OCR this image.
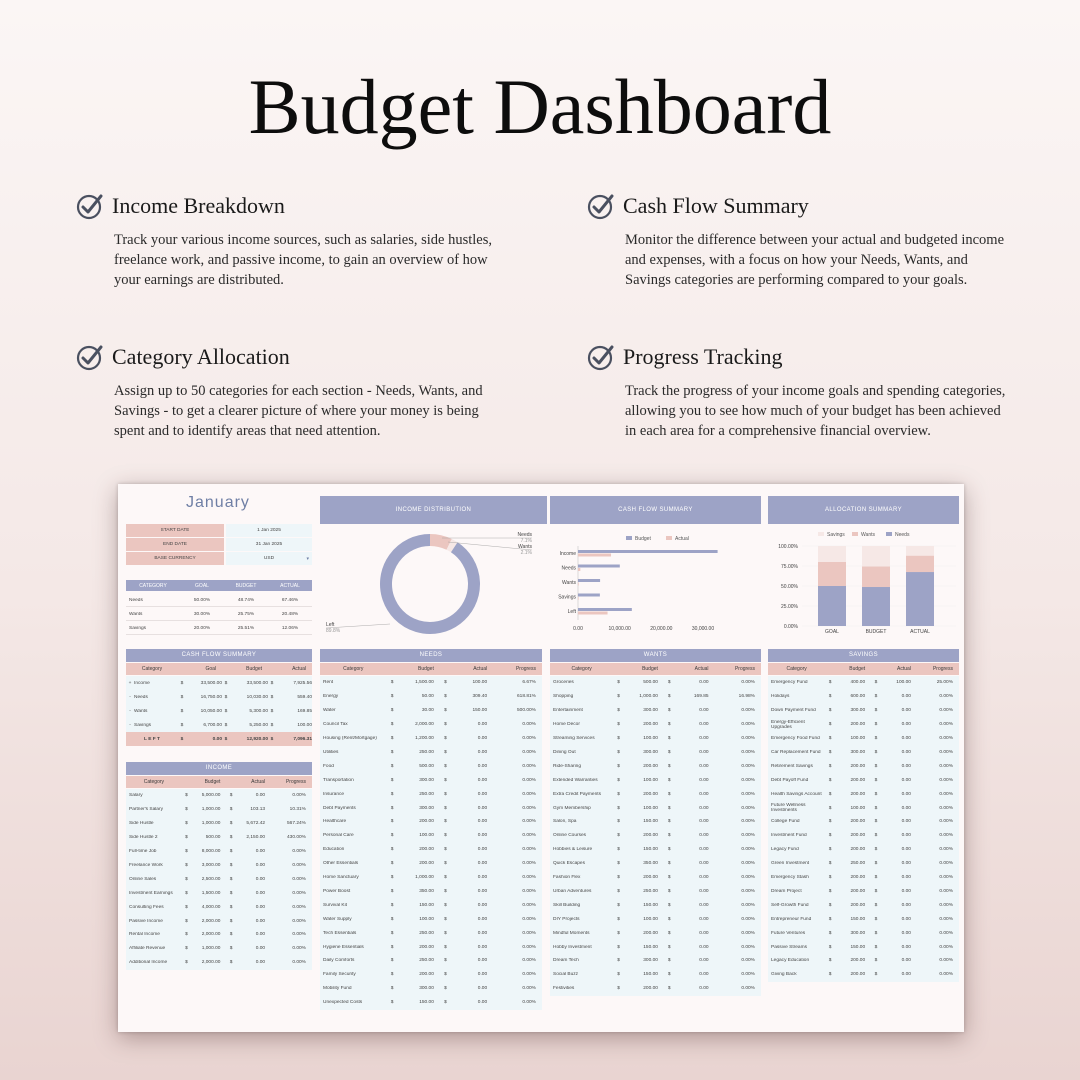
Budget Dashboard
Income Breakdown
Track your various income sources, such as salaries, side hustles,
freelance work, and passive income, to gain an overview of how
your earnings are distributed.
Cash Flow Summary
Monitor the difference between your actual and budgeted income
and expenses, with a focus on how your Needs, Wants, and
Savings categories are performing compared to your goals.
Category Allocation
Assign up to 50 categories for each section - Needs, Wants, and
Savings - to get a clearer picture of where your money is being
spent and to identify areas that need attention.
Progress Tracking
Track the progress of your income goals and spending categories,
allowing you to see how much of your budget has been achieved
in each area for a comprehensive financial overview.
January
START DATE	1 Jan 2025
END DATE	31 Jan 2025
BASE CURRENCY	USD	▾
CATEGORY	GOAL	BUDGET	ACTUAL
Needs	50.00%	48.74%	67.46%
Wants	30.00%	25.75%	20.48%
Savings	20.00%	25.51%	12.06%
INCOME DISTRIBUTION
Needs
7.1%
Wants
2.1%
Left
89.8%
CASH FLOW SUMMARY
Budget	Actual
Income
Needs
Wants
Savings
Left
0.00	10,000.00	20,000.00	30,000.00
ALLOCATION SUMMARY
Savings	Wants	Needs
100.00%
75.00%
50.00%
25.00%
0.00%
GOAL	BUDGET	ACTUAL
CASH FLOW SUMMARY
Category	Goal	Budget	Actual
+ Income	$	33,500.00 $	33,500.00 $	7,925.56
- Needs	$	16,750.00 $	10,030.00 $	559.40
- Wants	$	10,050.00 $	5,300.00 $	169.85
- Savings	$	6,700.00 $	5,250.00 $	100.00
L E F T	$	0.00 $	12,920.00 $	7,096.31
INCOME
Category	Budget	Actual	Progress
Salary	$	5,000.00	$	0.00	0.00%
Partner's Salary	$	1,000.00	$	103.13	10.31%
Side Hustle	$	1,000.00	$	5,672.42	567.24%
Side Hustle 2	$	500.00	$	2,150.00	430.00%
Full-time Job	$	8,000.00	$	0.00	0.00%
Freelance Work	$	3,000.00	$	0.00	0.00%
Online Sales	$	2,500.00	$	0.00	0.00%
Investment Earnings	$	1,500.00	$	0.00	0.00%
Consulting Fees	$	4,000.00	$	0.00	0.00%
Passive Income	$	2,000.00	$	0.00	0.00%
Rental Income	$	2,000.00	$	0.00	0.00%
Affiliate Revenue	$	1,000.00	$	0.00	0.00%
Additional Income	$	2,000.00	$	0.00	0.00%
NEEDS
Category	Budget	Actual	Progress
Rent	$	1,500.00	$	100.00	6.67%
Energy	$	50.00	$	309.40	618.81%
Water	$	30.00	$	150.00	500.00%
Council Tax	$	2,000.00	$	0.00	0.00%
Housing (Rent/Mortgage)	$	1,200.00	$	0.00	0.00%
Utilities	$	250.00	$	0.00	0.00%
Food	$	500.00	$	0.00	0.00%
Transportation	$	300.00	$	0.00	0.00%
Insurance	$	250.00	$	0.00	0.00%
Debt Payments	$	300.00	$	0.00	0.00%
Healthcare	$	200.00	$	0.00	0.00%
Personal Care	$	100.00	$	0.00	0.00%
Education	$	200.00	$	0.00	0.00%
Other Essentials	$	200.00	$	0.00	0.00%
Home Sanctuary	$	1,000.00	$	0.00	0.00%
Power Boost	$	350.00	$	0.00	0.00%
Survival Kit	$	150.00	$	0.00	0.00%
Water Supply	$	100.00	$	0.00	0.00%
Tech Essentials	$	250.00	$	0.00	0.00%
Hygiene Essentials	$	200.00	$	0.00	0.00%
Daily Comforts	$	250.00	$	0.00	0.00%
Family Security	$	200.00	$	0.00	0.00%
Mobility Fund	$	300.00	$	0.00	0.00%
Unexpected Costs	$	150.00	$	0.00	0.00%
WANTS
Category	Budget	Actual	Progress
Groceries	$	500.00	$	0.00	0.00%
Shopping	$	1,000.00	$	169.85	16.98%
Entertainment	$	300.00	$	0.00	0.00%
Home Décor	$	200.00	$	0.00	0.00%
Streaming Services	$	100.00	$	0.00	0.00%
Dining Out	$	300.00	$	0.00	0.00%
Ride-Sharing	$	200.00	$	0.00	0.00%
Extended Warranties	$	100.00	$	0.00	0.00%
Extra Credit Payments	$	200.00	$	0.00	0.00%
Gym Membership	$	100.00	$	0.00	0.00%
Salon, Spa	$	150.00	$	0.00	0.00%
Online Courses	$	200.00	$	0.00	0.00%
Hobbies & Leisure	$	150.00	$	0.00	0.00%
Quick Escapes	$	350.00	$	0.00	0.00%
Fashion Flex	$	200.00	$	0.00	0.00%
Urban Adventures	$	250.00	$	0.00	0.00%
Skill Building	$	150.00	$	0.00	0.00%
DIY Projects	$	100.00	$	0.00	0.00%
Mindful Moments	$	200.00	$	0.00	0.00%
Hobby Investment	$	150.00	$	0.00	0.00%
Dream Tech	$	300.00	$	0.00	0.00%
Social Buzz	$	150.00	$	0.00	0.00%
Festivities	$	200.00	$	0.00	0.00%
SAVINGS
Category	Budget	Actual	Progress
Emergency Fund	$	400.00	$	100.00	25.00%
Holidays	$	600.00	$	0.00	0.00%
Down Payment Fund	$	300.00	$	0.00	0.00%
Energy-Efficient Upgrades	$	200.00	$	0.00	0.00%
Emergency Food Fund	$	100.00	$	0.00	0.00%
Car Replacement Fund	$	300.00	$	0.00	0.00%
Retirement Savings	$	200.00	$	0.00	0.00%
Debt Payoff Fund	$	200.00	$	0.00	0.00%
Health Savings Account	$	200.00	$	0.00	0.00%
Future Wellness Investments	$	100.00	$	0.00	0.00%
College Fund	$	200.00	$	0.00	0.00%
Investment Fund	$	200.00	$	0.00	0.00%
Legacy Fund	$	200.00	$	0.00	0.00%
Green Investment	$	250.00	$	0.00	0.00%
Emergency Stash	$	200.00	$	0.00	0.00%
Dream Project	$	200.00	$	0.00	0.00%
Self-Growth Fund	$	200.00	$	0.00	0.00%
Entrepreneur Fund	$	150.00	$	0.00	0.00%
Future Ventures	$	300.00	$	0.00	0.00%
Passive Streams	$	150.00	$	0.00	0.00%
Legacy Education	$	200.00	$	0.00	0.00%
Giving Back	$	200.00	$	0.00	0.00%
